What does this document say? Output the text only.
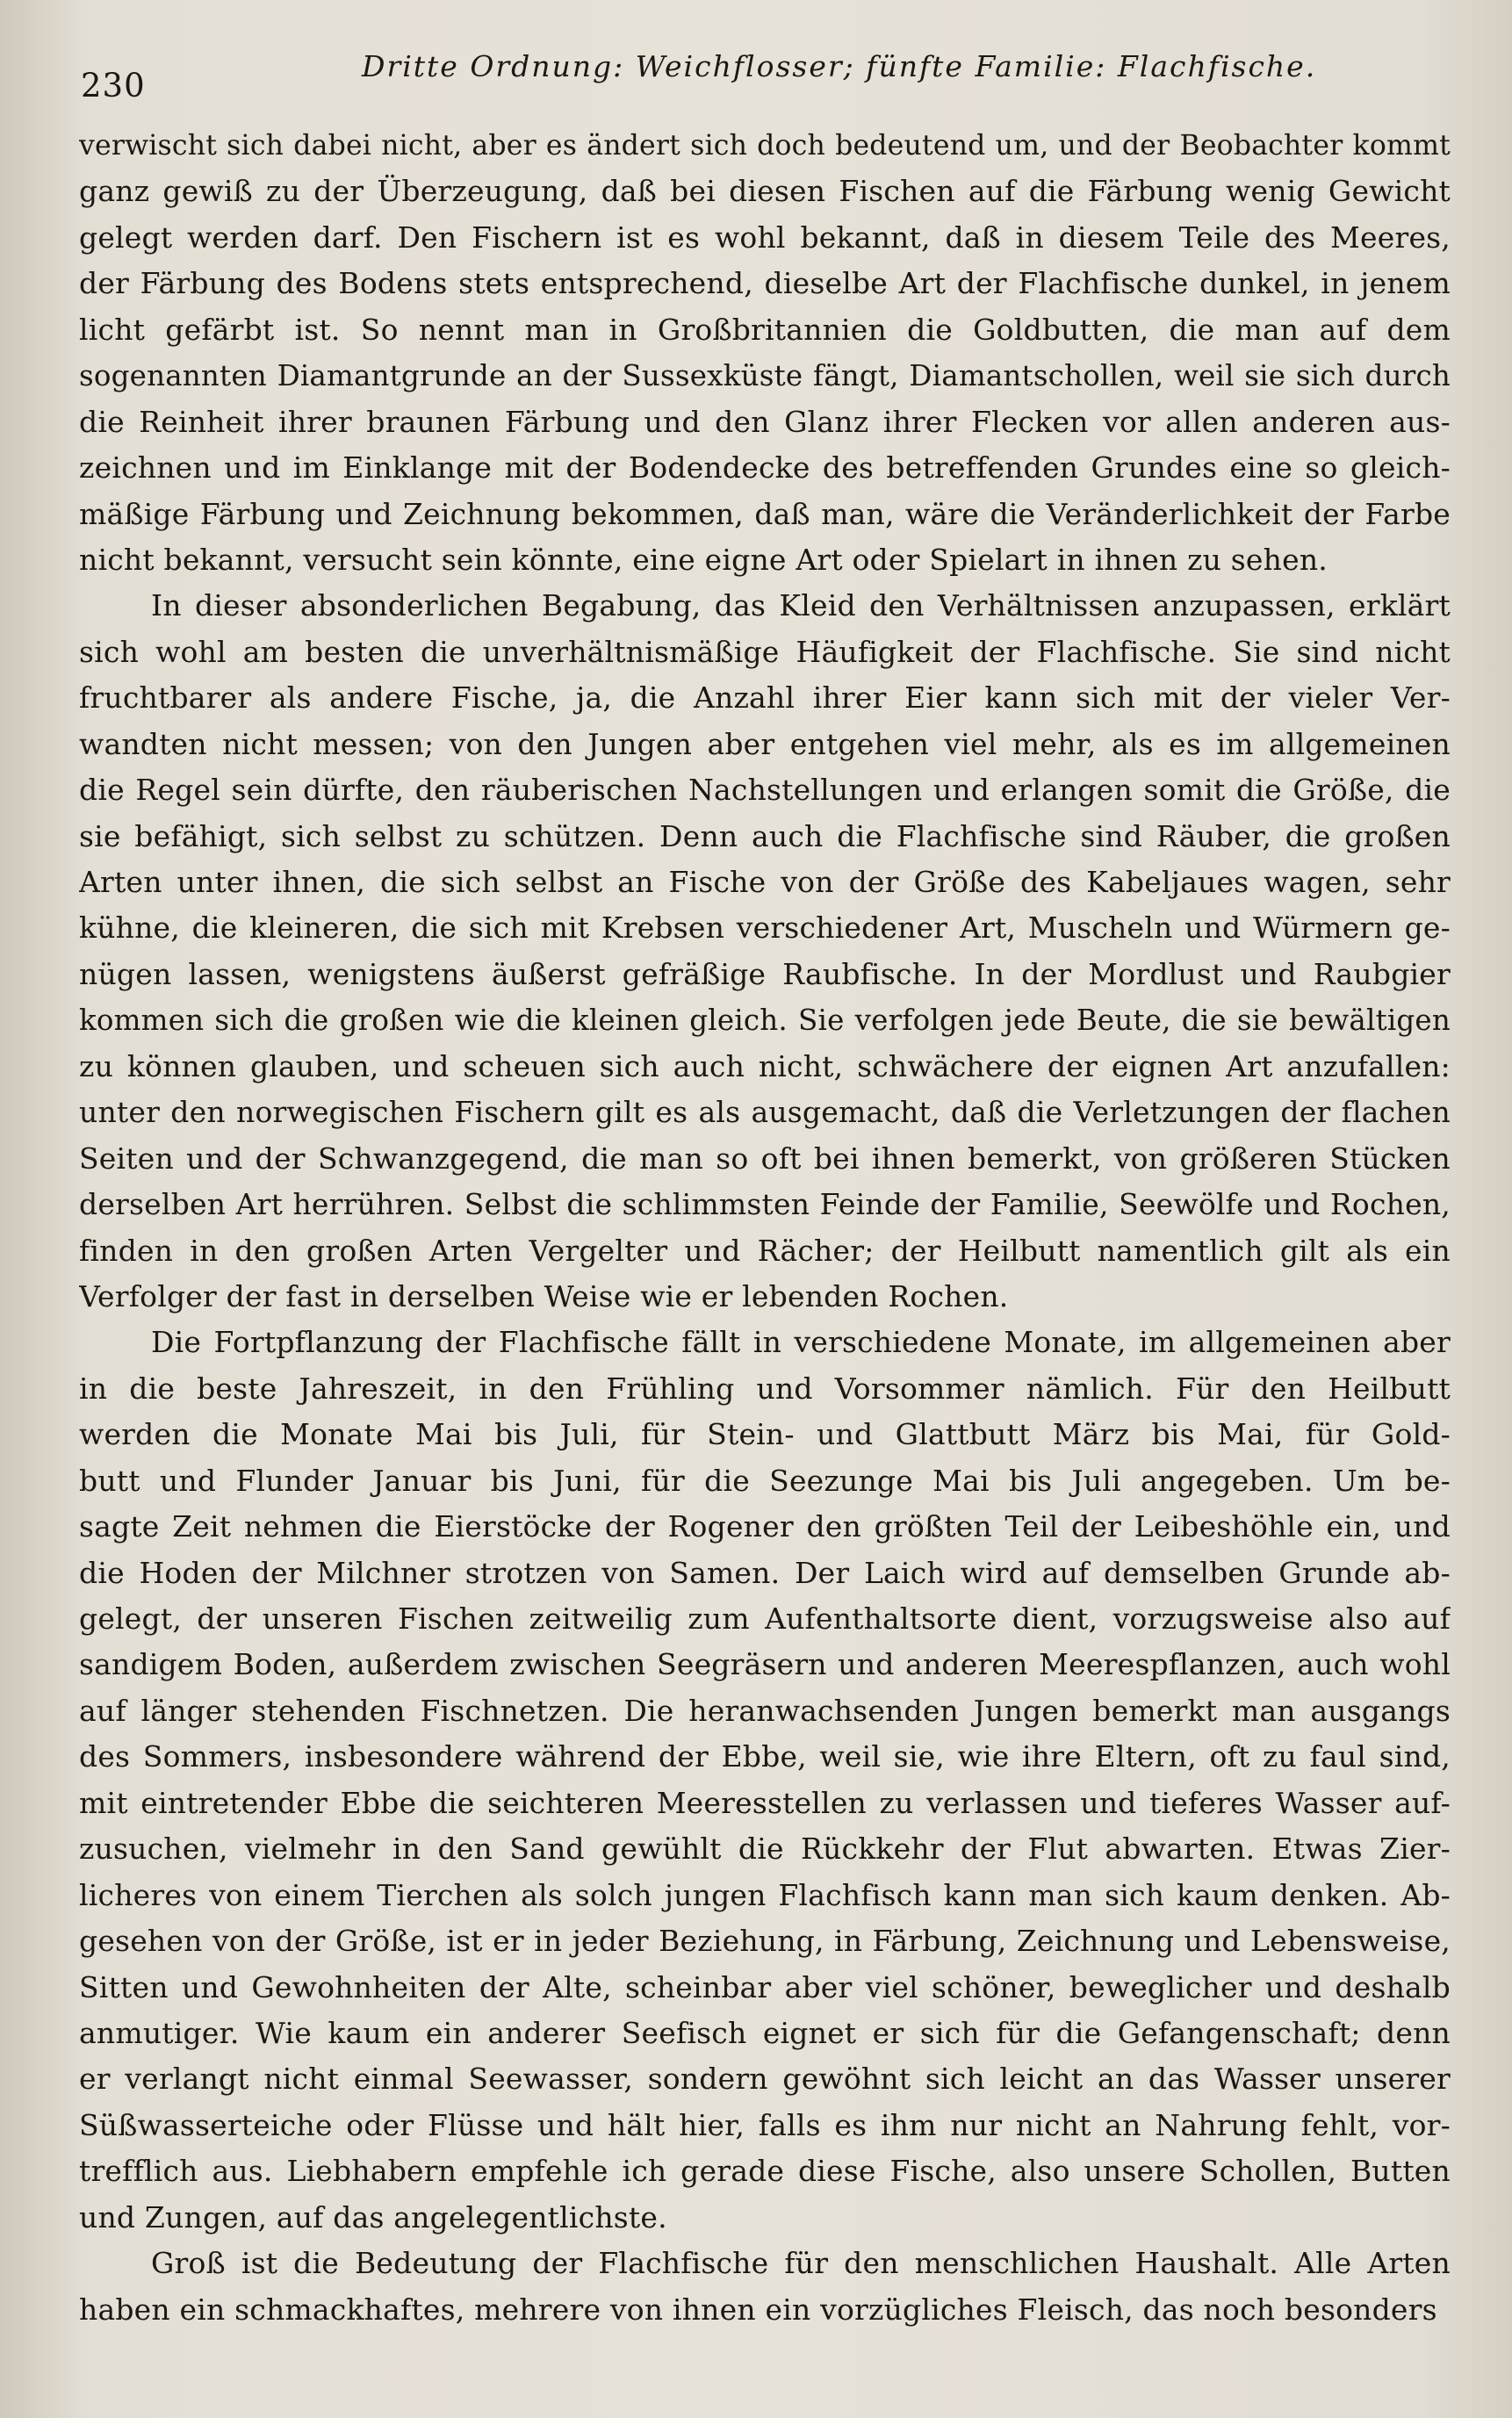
230
Dritte Ordnung: Weichflosser; fünfte Familie: Flachfische.
verwischt sich dabei nicht, aber es ändert sich doch bedeutend um, und der Beobachter kommt
ganz gewiß zu der Überzeugung, daß bei diesen Fischen auf die Färbung wenig Gewicht
gelegt werden darf. Den Fischern ist es wohl bekannt, daß in diesem Teile des Meeres,
der Färbung des Bodens stets entsprechend, dieselbe Art der Flachfische dunkel, in jenem
licht gefärbt ist. So nennt man in Großbritannien die Goldbutten, die man auf dem
sogenannten Diamantgrunde an der Sussexküste fängt, Diamantschollen, weil sie sich durch
die Reinheit ihrer braunen Färbung und den Glanz ihrer Flecken vor allen anderen aus-
zeichnen und im Einklange mit der Bodendecke des betreffenden Grundes eine so gleich-
mäßige Färbung und Zeichnung bekommen, daß man, wäre die Veränderlichkeit der Farbe
nicht bekannt, versucht sein könnte, eine eigne Art oder Spielart in ihnen zu sehen.
In dieser absonderlichen Begabung, das Kleid den Verhältnissen anzupassen, erklärt
sich wohl am besten die unverhältnismäßige Häufigkeit der Flachfische. Sie sind nicht
fruchtbarer als andere Fische, ja, die Anzahl ihrer Eier kann sich mit der vieler Ver-
wandten nicht messen; von den Jungen aber entgehen viel mehr, als es im allgemeinen
die Regel sein dürfte, den räuberischen Nachstellungen und erlangen somit die Größe, die
sie befähigt, sich selbst zu schützen. Denn auch die Flachfische sind Räuber, die großen
Arten unter ihnen, die sich selbst an Fische von der Größe des Kabeljaues wagen, sehr
kühne, die kleineren, die sich mit Krebsen verschiedener Art, Muscheln und Würmern ge-
nügen lassen, wenigstens äußerst gefräßige Raubfische. In der Mordlust und Raubgier
kommen sich die großen wie die kleinen gleich. Sie verfolgen jede Beute, die sie bewältigen
zu können glauben, und scheuen sich auch nicht, schwächere der eignen Art anzufallen:
unter den norwegischen Fischern gilt es als ausgemacht, daß die Verletzungen der flachen
Seiten und der Schwanzgegend, die man so oft bei ihnen bemerkt, von größeren Stücken
derselben Art herrühren. Selbst die schlimmsten Feinde der Familie, Seewölfe und Rochen,
finden in den großen Arten Vergelter und Rächer; der Heilbutt namentlich gilt als ein
Verfolger der fast in derselben Weise wie er lebenden Rochen.
Die Fortpflanzung der Flachfische fällt in verschiedene Monate, im allgemeinen aber
in die beste Jahreszeit, in den Frühling und Vorsommer nämlich. Für den Heilbutt
werden die Monate Mai bis Juli, für Stein- und Glattbutt März bis Mai, für Gold-
butt und Flunder Januar bis Juni, für die Seezunge Mai bis Juli angegeben. Um be-
sagte Zeit nehmen die Eierstöcke der Rogener den größten Teil der Leibeshöhle ein, und
die Hoden der Milchner strotzen von Samen. Der Laich wird auf demselben Grunde ab-
gelegt, der unseren Fischen zeitweilig zum Aufenthaltsorte dient, vorzugsweise also auf
sandigem Boden, außerdem zwischen Seegräsern und anderen Meerespflanzen, auch wohl
auf länger stehenden Fischnetzen. Die heranwachsenden Jungen bemerkt man ausgangs
des Sommers, insbesondere während der Ebbe, weil sie, wie ihre Eltern, oft zu faul sind,
mit eintretender Ebbe die seichteren Meeresstellen zu verlassen und tieferes Wasser auf-
zusuchen, vielmehr in den Sand gewühlt die Rückkehr der Flut abwarten. Etwas Zier-
licheres von einem Tierchen als solch jungen Flachfisch kann man sich kaum denken. Ab-
gesehen von der Größe, ist er in jeder Beziehung, in Färbung, Zeichnung und Lebensweise,
Sitten und Gewohnheiten der Alte, scheinbar aber viel schöner, beweglicher und deshalb
anmutiger. Wie kaum ein anderer Seefisch eignet er sich für die Gefangenschaft; denn
er verlangt nicht einmal Seewasser, sondern gewöhnt sich leicht an das Wasser unserer
Süßwasserteiche oder Flüsse und hält hier, falls es ihm nur nicht an Nahrung fehlt, vor-
trefflich aus. Liebhabern empfehle ich gerade diese Fische, also unsere Schollen, Butten
und Zungen, auf das angelegentlichste.
Groß ist die Bedeutung der Flachfische für den menschlichen Haushalt. Alle Arten
haben ein schmackhaftes, mehrere von ihnen ein vorzügliches Fleisch, das noch besonders
